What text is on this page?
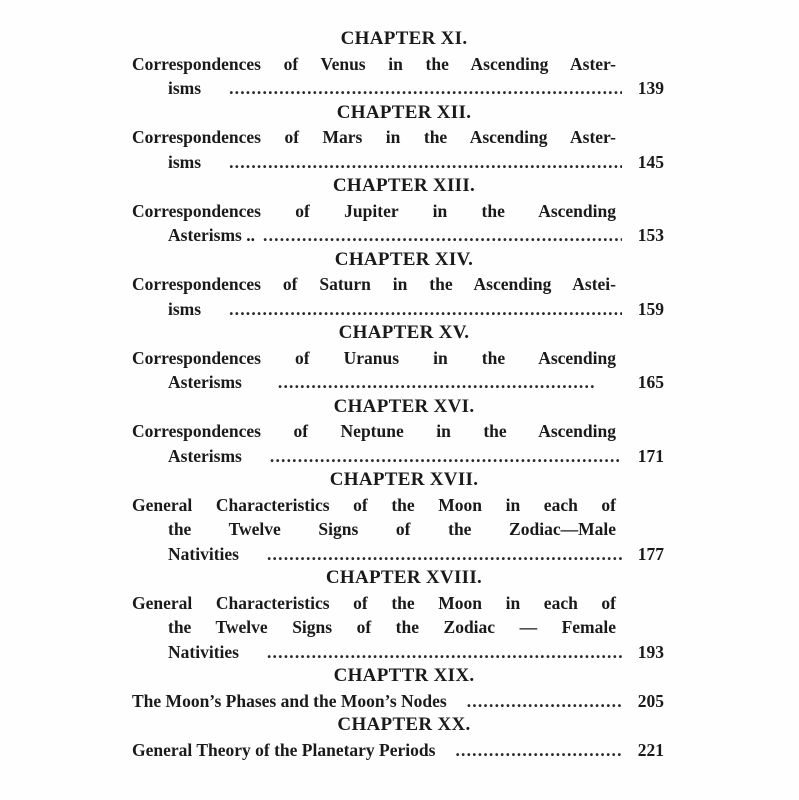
CHAPTER XI.
Correspondences of Venus in the Ascending Aster-
isms .....	139
CHAPTER XII.
Correspondences of Mars in the Ascending Aster-
isms .....	145
CHAPTER XIII.
Correspondences of Jupiter in the Ascending
Asterisms .. .....	153
CHAPTER XIV.
Correspondences of Saturn in the Ascending Astei-
isms .....	159
CHAPTER XV.
Correspondences of Uranus in the Ascending
Asterisms .....	165
CHAPTER XVI.
Correspondences of Neptune in the Ascending
Asterisms .....	171
CHAPTER XVII.
General Characteristics of the Moon in each of
the Twelve Signs of the Zodiac—Male
Nativities .....	177
CHAPTER XVIII.
General Characteristics of the Moon in each of
the Twelve Signs of the Zodiac — Female
Nativities .....	193
CHAPTTR XIX.
The Moon’s Phases and the Moon’s Nodes .....	205
CHAPTER XX.
General Theory of the Planetary Periods .....	221
